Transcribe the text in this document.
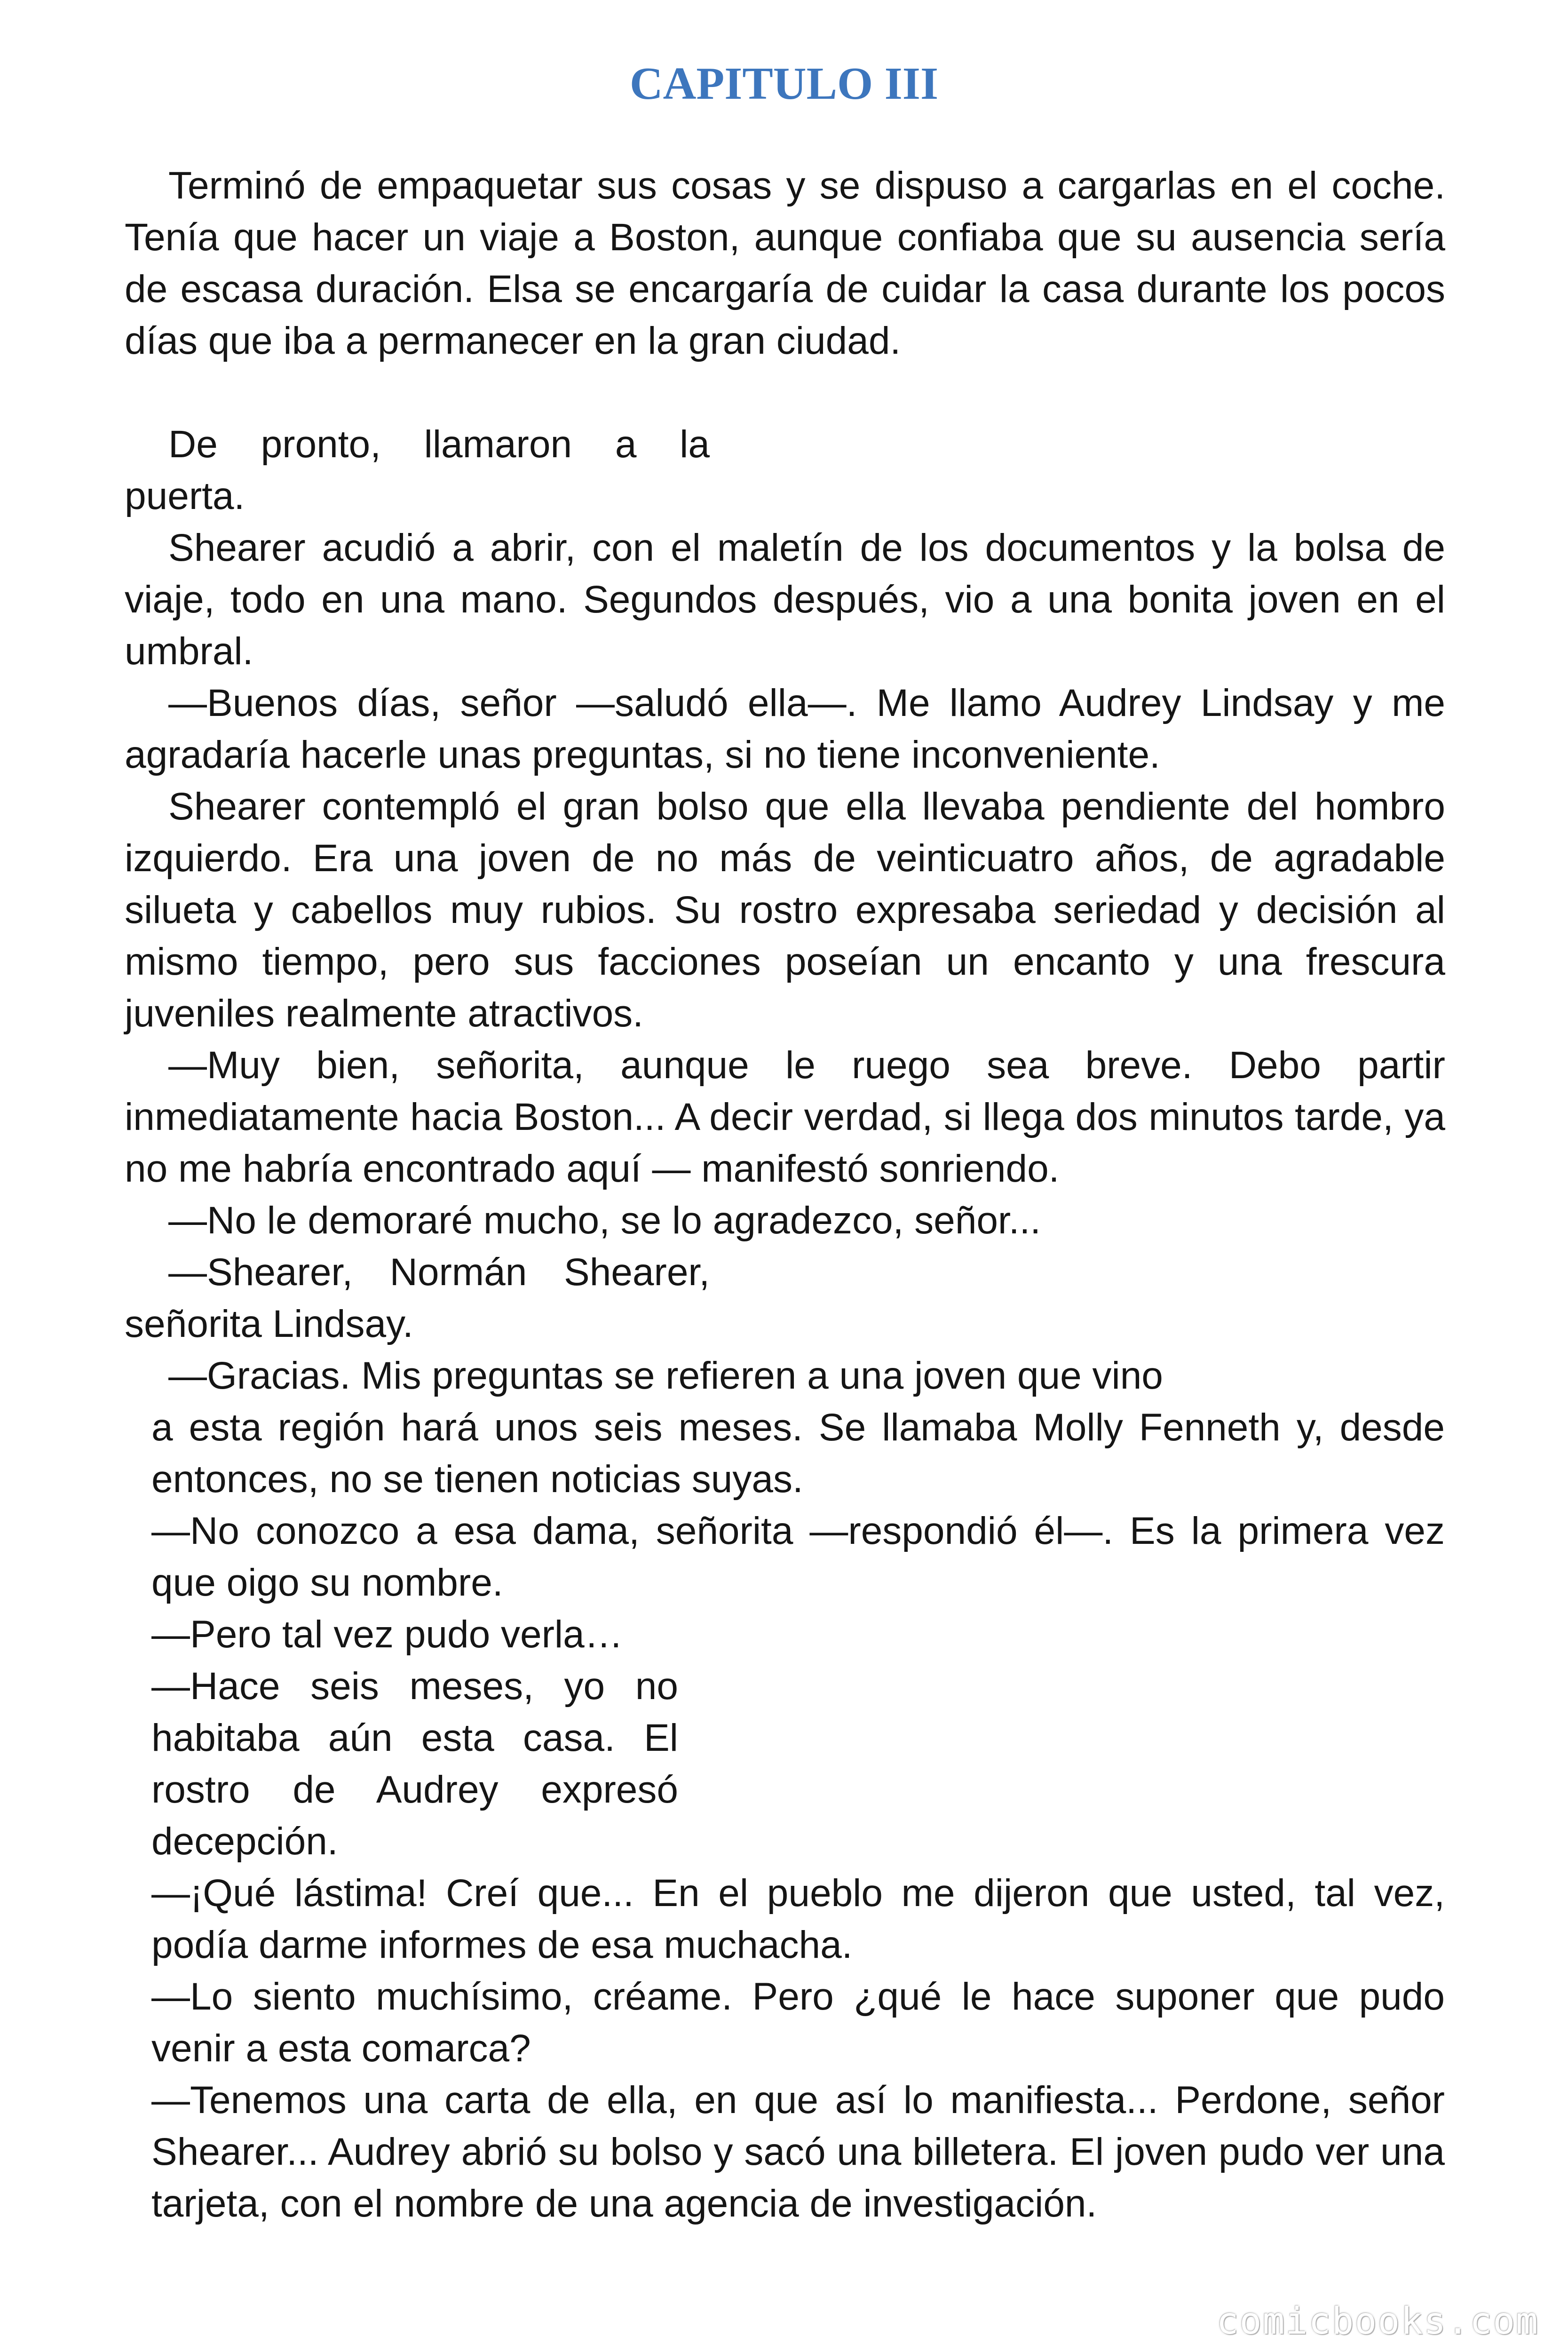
CAPITULO III

Terminó de empaquetar sus cosas y se dispuso a cargarlas en el coche. Tenía que hacer un viaje a Boston, aunque confiaba que su ausencia sería de escasa duración. Elsa se encargaría de cuidar la casa durante los pocos días que iba a permanecer en la gran ciudad.

De pronto, llamaron a la puerta.

Shearer acudió a abrir, con el maletín de los documentos y la bolsa de viaje, todo en una mano. Segundos después, vio a una bonita joven en el umbral.

—Buenos días, señor —saludó ella—. Me llamo Audrey Lindsay y me agradaría hacerle unas preguntas, si no tiene inconveniente.

Shearer contempló el gran bolso que ella llevaba pendiente del hombro izquierdo. Era una joven de no más de veinticuatro años, de agradable silueta y cabellos muy rubios. Su rostro expresaba seriedad y decisión al mismo tiempo, pero sus facciones poseían un encanto y una frescura juveniles realmente atractivos.

—Muy bien, señorita, aunque le ruego sea breve. Debo partir inmediatamente hacia Boston... A decir verdad, si llega dos minutos tarde, ya no me habría encontrado aquí — manifestó sonriendo.

—No le demoraré mucho, se lo agradezco, señor...

—Shearer, Normán Shearer, señorita Lindsay.

—Gracias. Mis preguntas se refieren a una joven que vino

a esta región hará unos seis meses. Se llamaba Molly Fenneth y, desde entonces, no se tienen noticias suyas.

—No conozco a esa dama, señorita —respondió él—. Es la primera vez que oigo su nombre.

—Pero tal vez pudo verla…

—Hace seis meses, yo no habitaba aún esta casa. El rostro de Audrey expresó decepción.

—¡Qué lástima! Creí que... En el pueblo me dijeron que usted, tal vez, podía darme informes de esa muchacha.

—Lo siento muchísimo, créame. Pero ¿qué le hace suponer que pudo venir a esta comarca?

—Tenemos una carta de ella, en que así lo manifiesta... Perdone, señor Shearer... Audrey abrió su bolso y sacó una billetera. El joven pudo ver una tarjeta, con el nombre de una agencia de investigación.

comicbooks.com
